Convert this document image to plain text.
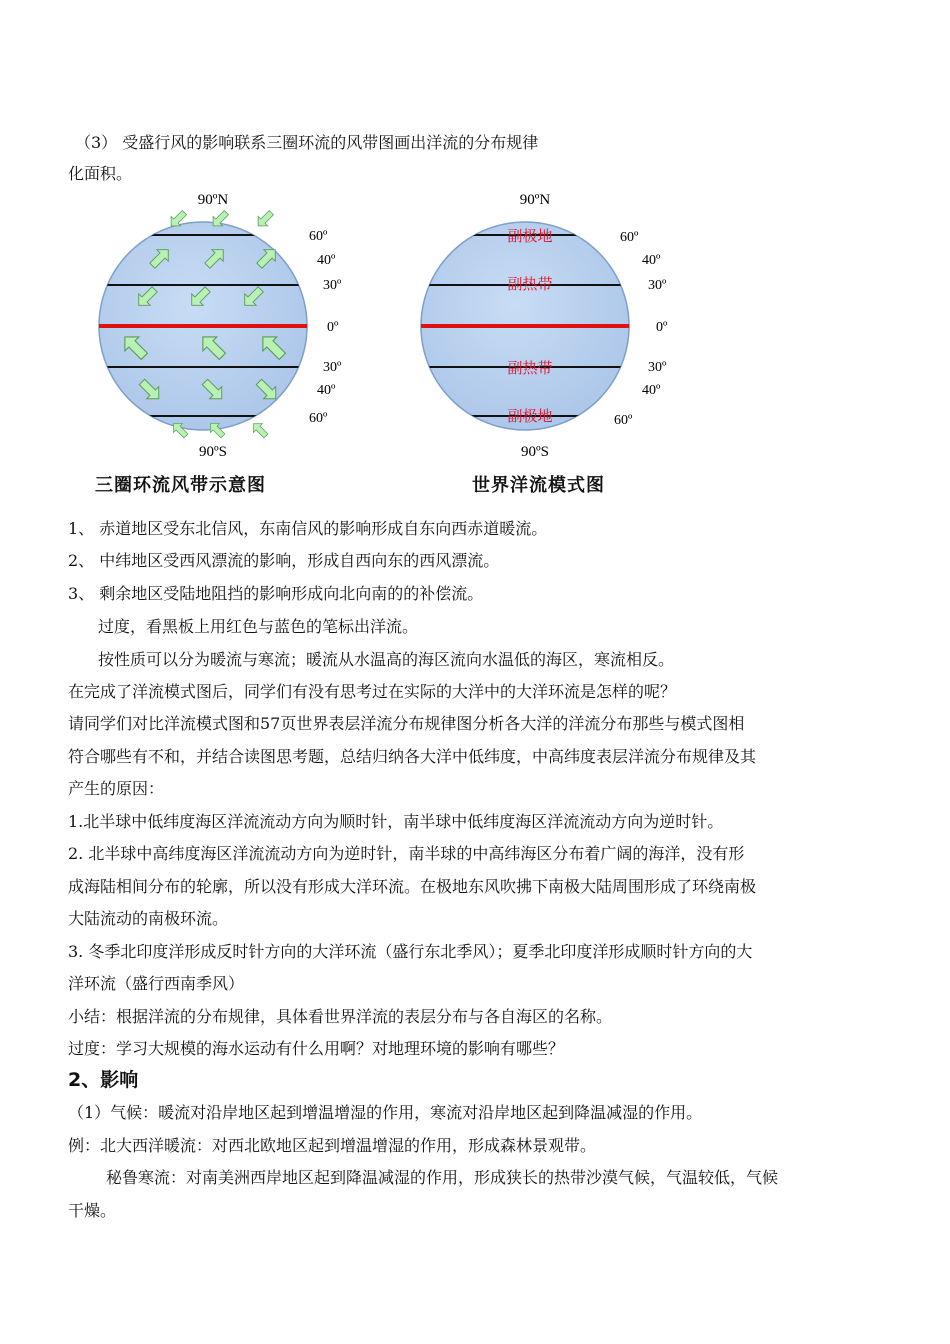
（3） 受盛行风的影响联系三圈环流的风带图画出洋流的分布规律
化面积。
90ºN
90ºS
60º
40º
30º
0º
30º
40º
60º
三圈环流风带示意图
副极地
副热带
副热带
副极地
90ºN
90ºS
60º
40º
30º
0º
30º
40º
60º
世界洋流模式图
1、 赤道地区受东北信风，东南信风的影响形成自东向西赤道暖流。
2、 中纬地区受西风漂流的影响，形成自西向东的西风漂流。
3、 剩余地区受陆地阻挡的影响形成向北向南的的补偿流。
过度，看黑板上用红色与蓝色的笔标出洋流。
按性质可以分为暖流与寒流；暖流从水温高的海区流向水温低的海区，寒流相反。
在完成了洋流模式图后，同学们有没有思考过在实际的大洋中的大洋环流是怎样的呢？
请同学们对比洋流模式图和57页世界表层洋流分布规律图分析各大洋的洋流分布那些与模式图相
符合哪些有不和，并结合读图思考题，总结归纳各大洋中低纬度，中高纬度表层洋流分布规律及其
产生的原因：
1.北半球中低纬度海区洋流流动方向为顺时针，南半球中低纬度海区洋流流动方向为逆时针。
2. 北半球中高纬度海区洋流流动方向为逆时针，南半球的中高纬海区分布着广阔的海洋，没有形
成海陆相间分布的轮廓，所以没有形成大洋环流。在极地东风吹拂下南极大陆周围形成了环绕南极
大陆流动的南极环流。
3. 冬季北印度洋形成反时针方向的大洋环流（盛行东北季风）；夏季北印度洋形成顺时针方向的大
洋环流（盛行西南季风）
小结：根据洋流的分布规律，具体看世界洋流的表层分布与各自海区的名称。
过度：学习大规模的海水运动有什么用啊？对地理环境的影响有哪些？
2、影响
（1）气候：暖流对沿岸地区起到增温增湿的作用，寒流对沿岸地区起到降温减湿的作用。
例：北大西洋暖流：对西北欧地区起到增温增湿的作用，形成森林景观带。
秘鲁寒流：对南美洲西岸地区起到降温减湿的作用，形成狭长的热带沙漠气候，气温较低，气候
干燥。
